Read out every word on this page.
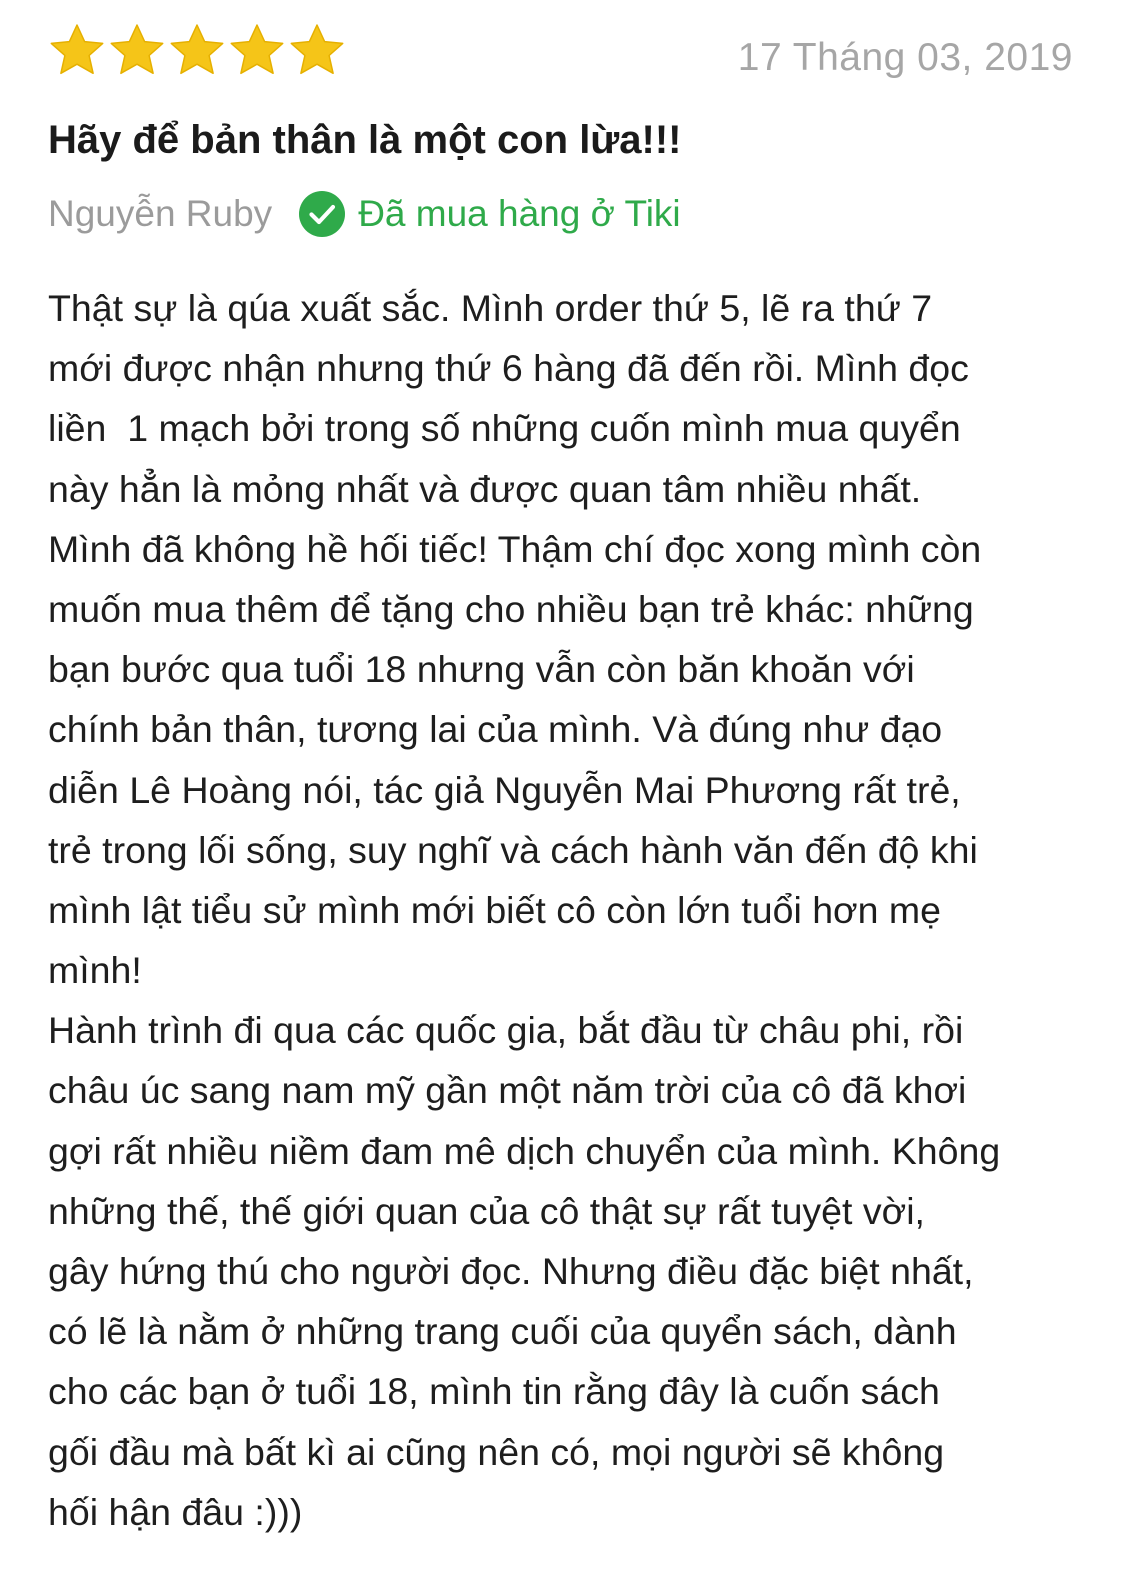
17 Tháng 03, 2019
Hãy để bản thân là một con lừa!!!
Nguyễn Ruby Đã mua hàng ở Tiki
Thật sự là qúa xuất sắc. Mình order thứ 5, lẽ ra thứ 7
mới được nhận nhưng thứ 6 hàng đã đến rồi. Mình đọc
liền  1 mạch bởi trong số những cuốn mình mua quyển
này hẳn là mỏng nhất và được quan tâm nhiều nhất.
Mình đã không hề hối tiếc! Thậm chí đọc xong mình còn
muốn mua thêm để tặng cho nhiều bạn trẻ khác: những
bạn bước qua tuổi 18 nhưng vẫn còn băn khoăn với
chính bản thân, tương lai của mình. Và đúng như đạo
diễn Lê Hoàng nói, tác giả Nguyễn Mai Phương rất trẻ,
trẻ trong lối sống, suy nghĩ và cách hành văn đến độ khi
mình lật tiểu sử mình mới biết cô còn lớn tuổi hơn mẹ
mình!
Hành trình đi qua các quốc gia, bắt đầu từ châu phi, rồi
châu úc sang nam mỹ gần một năm trời của cô đã khơi
gợi rất nhiều niềm đam mê dịch chuyển của mình. Không
những thế, thế giới quan của cô thật sự rất tuyệt vời,
gây hứng thú cho người đọc. Nhưng điều đặc biệt nhất,
có lẽ là nằm ở những trang cuối của quyển sách, dành
cho các bạn ở tuổi 18, mình tin rằng đây là cuốn sách
gối đầu mà bất kì ai cũng nên có, mọi người sẽ không
hối hận đâu :)))
